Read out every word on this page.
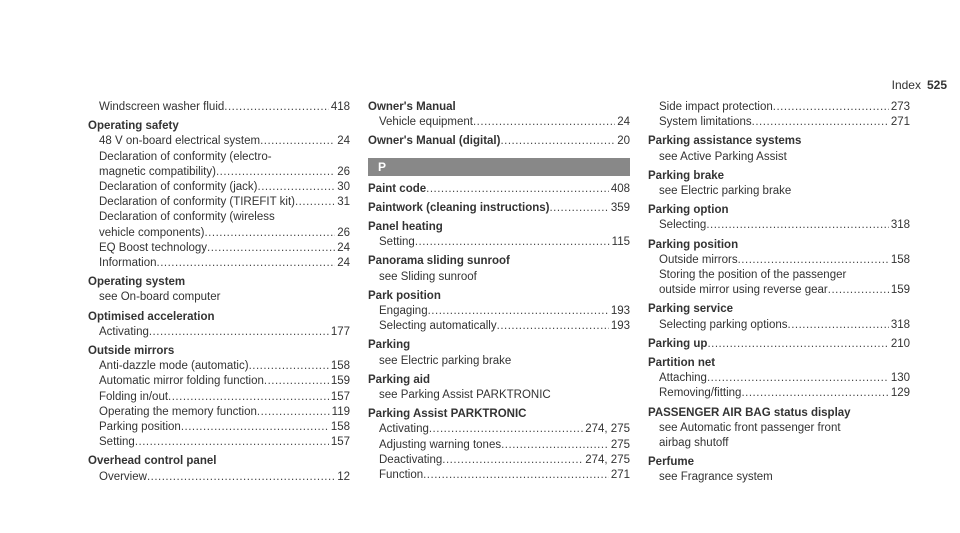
Index 525
Windscreen washer fluid .....	418
Operating safety
48 V on-board electrical system .....	24
Declaration of conformity (electro-
magnetic compatibility) .....	26
Declaration of conformity (jack) .....	30
Declaration of conformity (TIREFIT kit) .....	31
Declaration of conformity (wireless
vehicle components) .....	26
EQ Boost technology .....	24
Information .....	24
Operating system
see On-board computer
Optimised acceleration
Activating .....	177
Outside mirrors
Anti-dazzle mode (automatic) .....	158
Automatic mirror folding function .....	159
Folding in/out .....	157
Operating the memory function .....	119
Parking position .....	158
Setting .....	157
Overhead control panel
Overview .....	12
Owner's Manual
Vehicle equipment .....	24
Owner's Manual (digital) .....	20
P
Paint code .....	408
Paintwork (cleaning instructions) .....	359
Panel heating
Setting .....	115
Panorama sliding sunroof
see Sliding sunroof
Park position
Engaging .....	193
Selecting automatically .....	193
Parking
see Electric parking brake
Parking aid
see Parking Assist PARKTRONIC
Parking Assist PARKTRONIC
Activating .....	274, 275
Adjusting warning tones .....	275
Deactivating .....	274, 275
Function .....	271
Side impact protection .....	273
System limitations .....	271
Parking assistance systems
see Active Parking Assist
Parking brake
see Electric parking brake
Parking option
Selecting .....	318
Parking position
Outside mirrors .....	158
Storing the position of the passenger
outside mirror using reverse gear .....	159
Parking service
Selecting parking options .....	318
Parking up .....	210
Partition net
Attaching .....	130
Removing/fitting .....	129
PASSENGER AIR BAG status display
see Automatic front passenger front
airbag shutoff
Perfume
see Fragrance system
